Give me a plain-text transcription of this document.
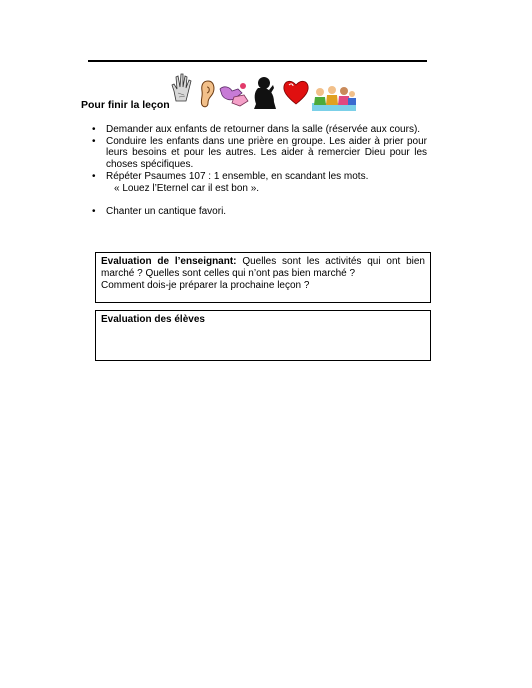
Pour finir la leçon
• Demander aux enfants de retourner dans la salle (réservée aux cours).
• Conduire les enfants dans une prière en groupe. Les aider à prier pour leurs besoins et pour les autres. Les aider à remercier Dieu pour les choses spécifiques.
• Répéter Psaumes 107 : 1 ensemble, en scandant les mots.
« Louez l’Eternel car il est bon ».
• Chanter un cantique favori.
Evaluation de l’enseignant: Quelles sont les activités qui ont bien marché ? Quelles sont celles qui n’ont pas bien marché ?
Comment dois-je préparer la prochaine leçon ?
Evaluation des élèves
